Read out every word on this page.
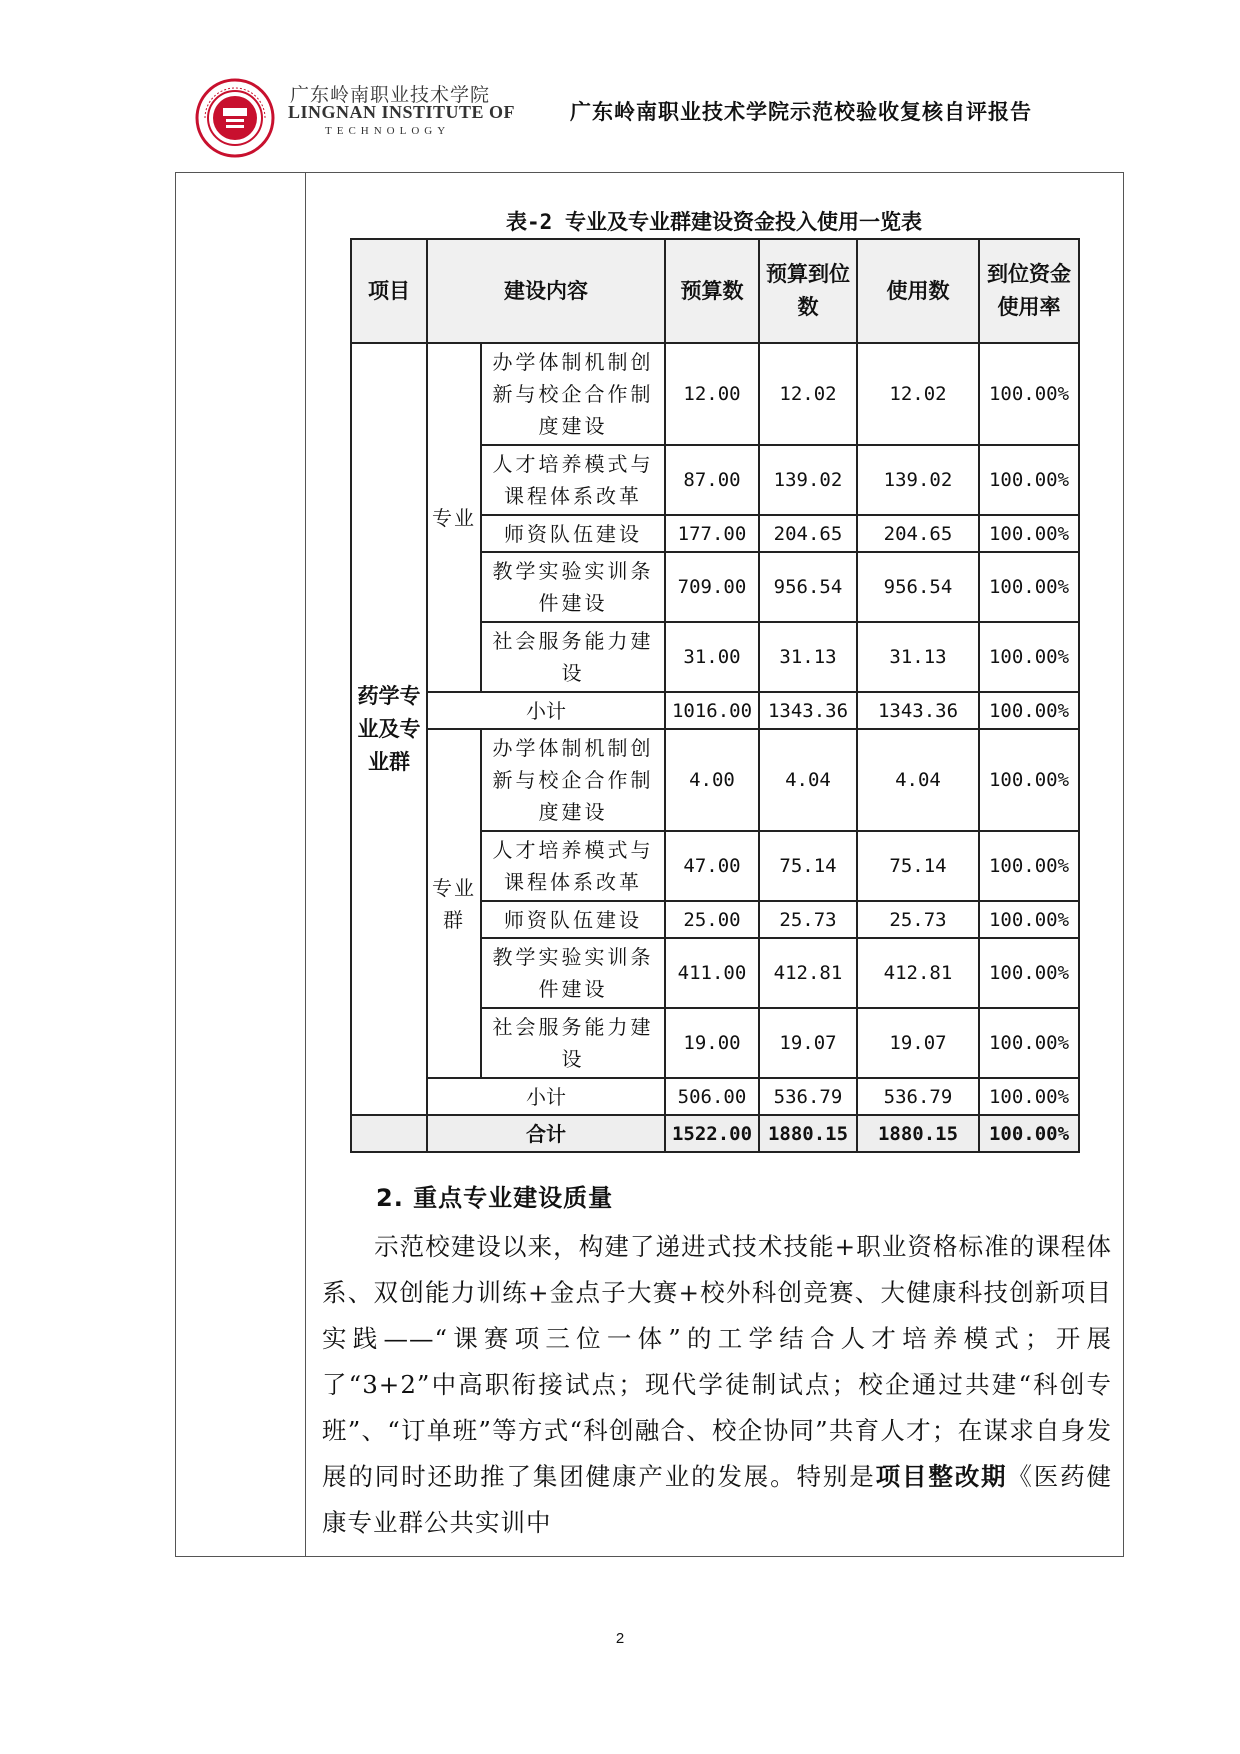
广东岭南职业技术学院
LINGNAN INSTITUTE OF
TECHNOLOGY
广东岭南职业技术学院示范校验收复核自评报告
表-2 专业及专业群建设资金投入使用一览表
项目	建设内容		预算数	预算到位数	使用数	到位资金使用率
药学专业及专业群	专业	办学体制机制创新与校企合作制度建设	12.00	12.02	12.02	100.00%
		人才培养模式与课程体系改革	87.00	139.02	139.02	100.00%
		师资队伍建设	177.00	204.65	204.65	100.00%
		教学实验实训条件建设	709.00	956.54	956.54	100.00%
		社会服务能力建设	31.00	31.13	31.13	100.00%
	小计		1016.00	1343.36	1343.36	100.00%
	专业群	办学体制机制创新与校企合作制度建设	4.00	4.04	4.04	100.00%
		人才培养模式与课程体系改革	47.00	75.14	75.14	100.00%
		师资队伍建设	25.00	25.73	25.73	100.00%
		教学实验实训条件建设	411.00	412.81	412.81	100.00%
		社会服务能力建设	19.00	19.07	19.07	100.00%
	小计		506.00	536.79	536.79	100.00%
	合计		1522.00	1880.15	1880.15	100.00%
2. 重点专业建设质量
示范校建设以来，构建了递进式技术技能+职业资格标准的课程体系、双创能力训练+金点子大赛+校外科创竞赛、大健康科技创新项目实践——“课赛项三位一体”的工学结合人才培养模式；开展了“3+2”中高职衔接试点；现代学徒制试点；校企通过共建“科创专班”、“订单班”等方式“科创融合、校企协同”共育人才；在谋求自身发展的同时还助推了集团健康产业的发展。特别是项目整改期《医药健康专业群公共实训中
2
